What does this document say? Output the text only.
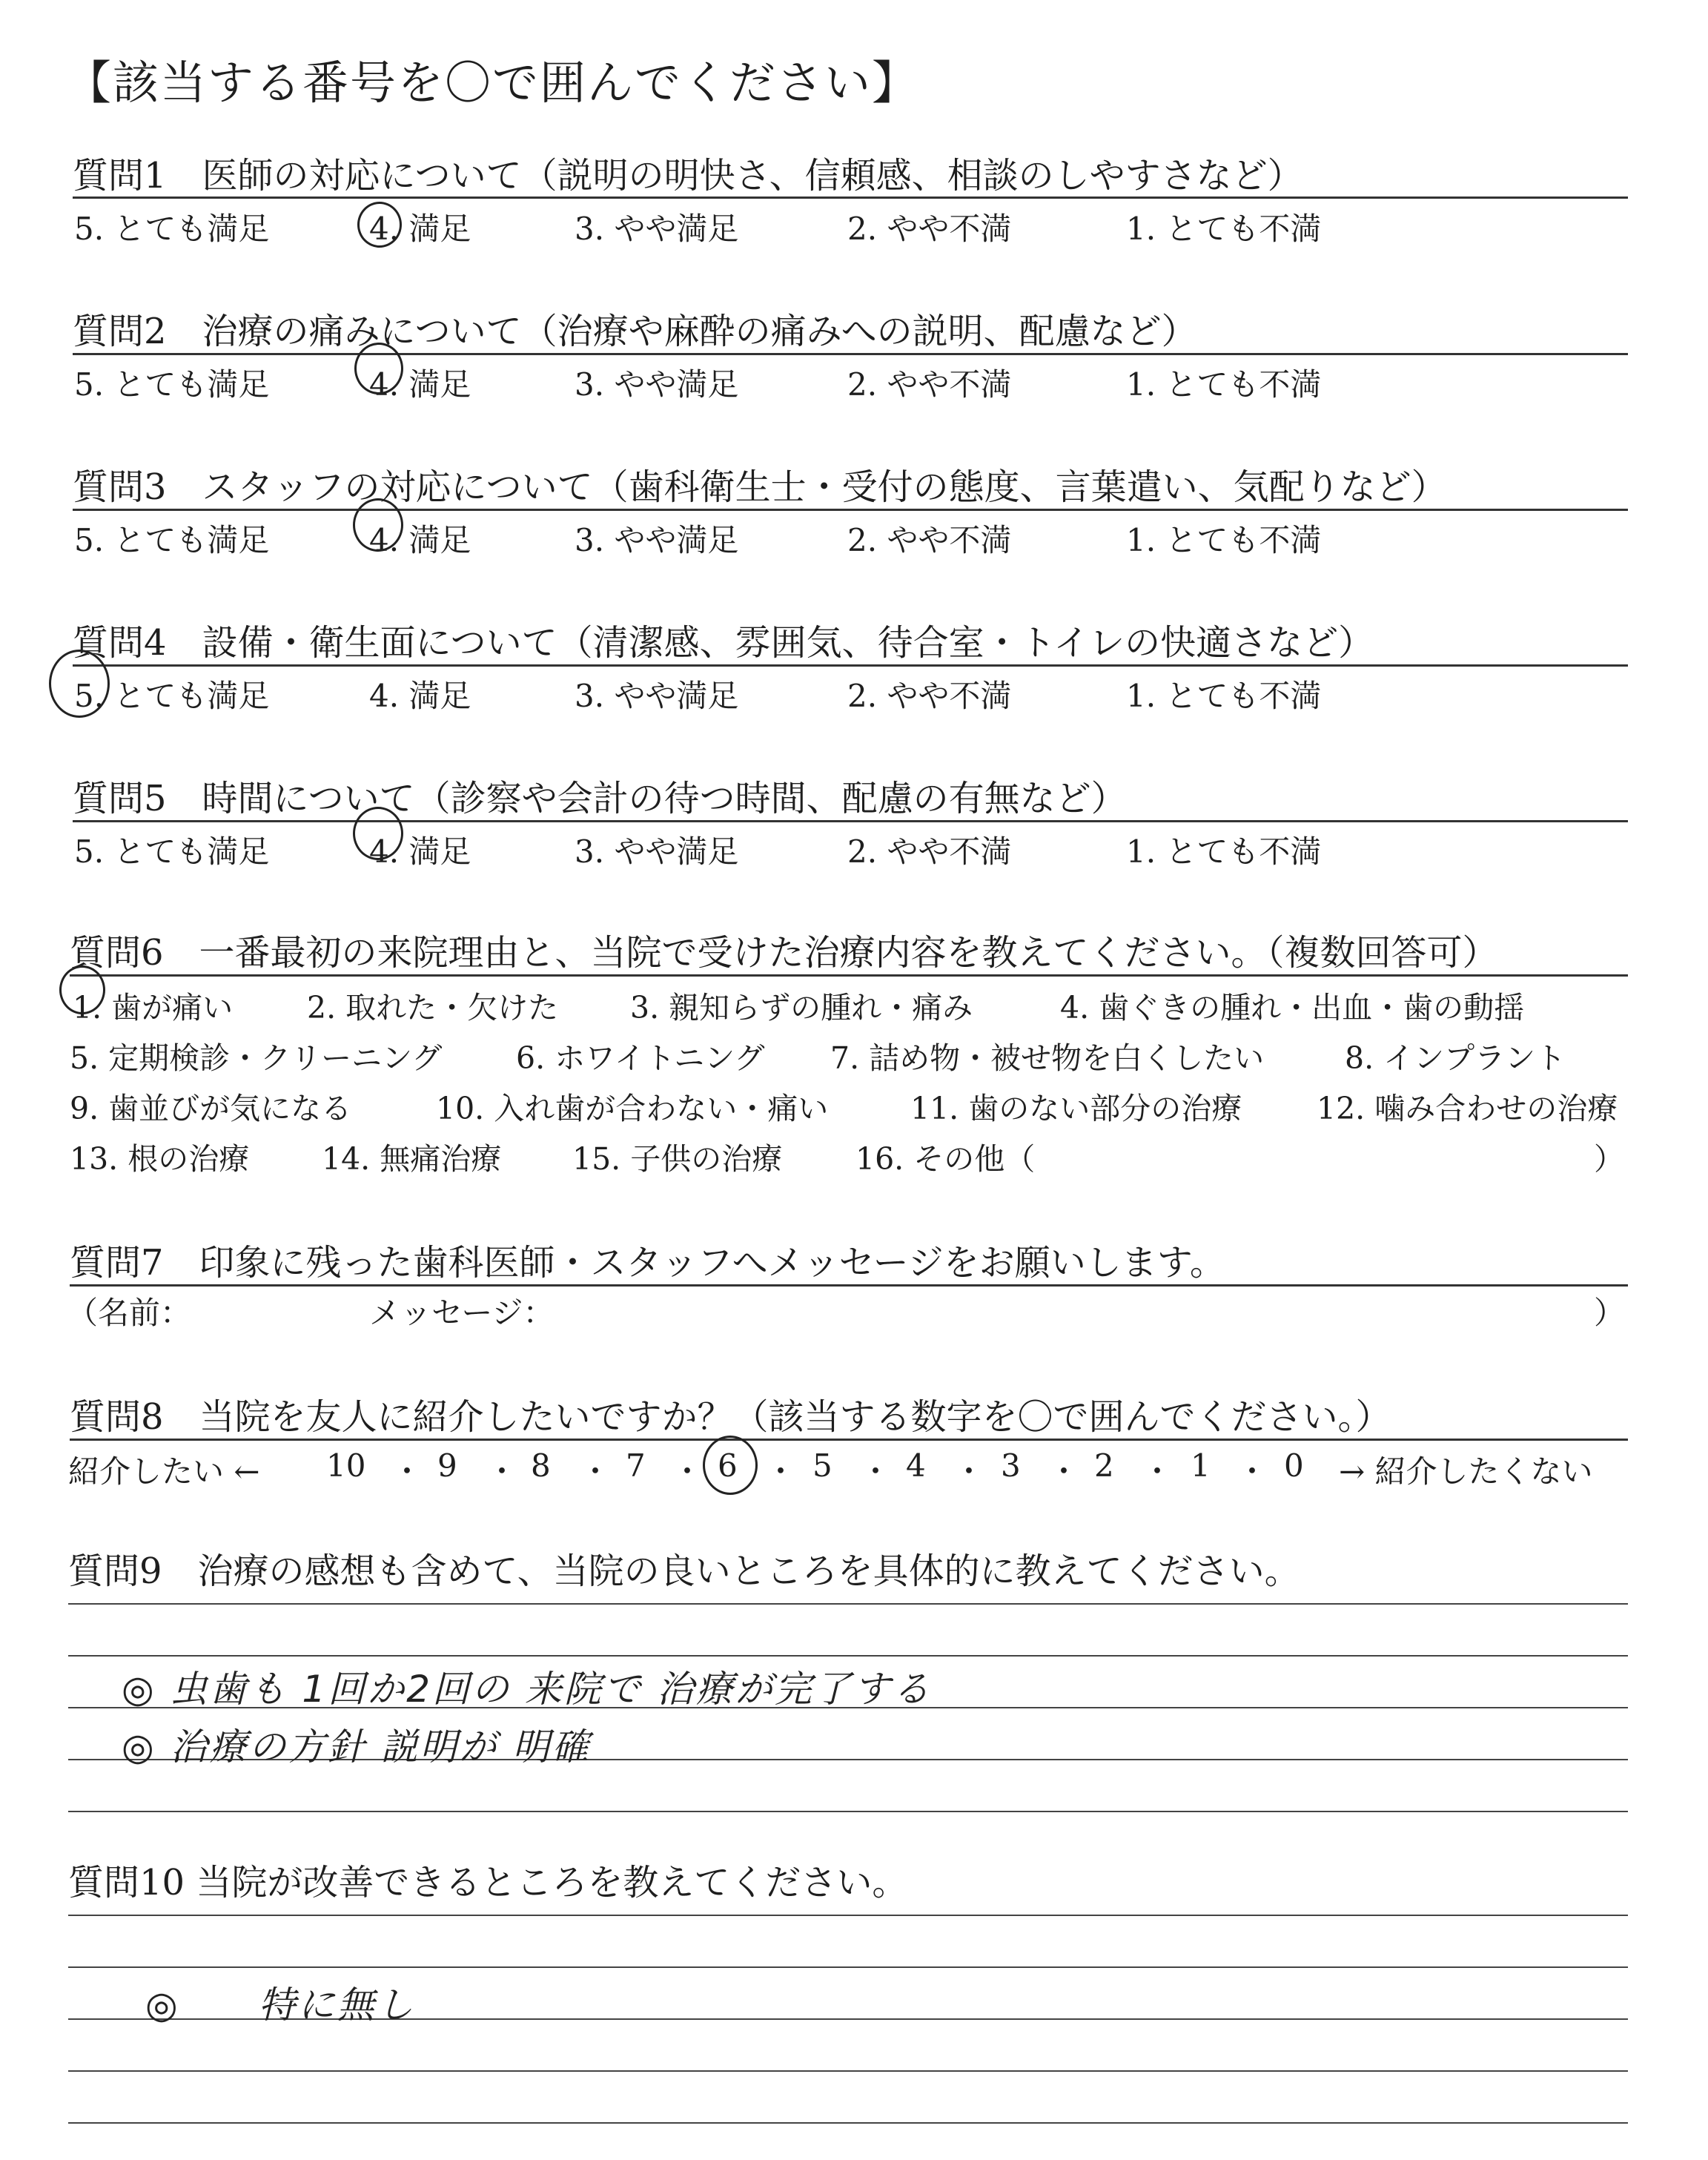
【該当する番号を〇で囲んでください】
質問1　医師の対応について（説明の明快さ、信頼感、相談のしやすさなど）
5. とても満足	4. 満足	3. やや満足	2. やや不満	1. とても不満
質問2　治療の痛みについて（治療や麻酔の痛みへの説明、配慮など）
5. とても満足	4. 満足	3. やや満足	2. やや不満	1. とても不満
質問3　スタッフの対応について（歯科衛生士・受付の態度、言葉遣い、気配りなど）
5. とても満足	4. 満足	3. やや満足	2. やや不満	1. とても不満
質問4　設備・衛生面について（清潔感、雰囲気、待合室・トイレの快適さなど）
5. とても満足	4. 満足	3. やや満足	2. やや不満	1. とても不満
質問5　時間について（診察や会計の待つ時間、配慮の有無など）
5. とても満足	4. 満足	3. やや満足	2. やや不満	1. とても不満
質問6　一番最初の来院理由と、当院で受けた治療内容を教えてください。（複数回答可）
1. 歯が痛い 2. 取れた・欠けた 3. 親知らずの腫れ・痛み	4. 歯ぐきの腫れ・出血・歯の動揺
5. 定期検診・クリーニング 6. ホワイトニング 7. 詰め物・被せ物を白くしたい	8. インプラント
9. 歯並びが気になる	10. 入れ歯が合わない・痛い	11. 歯のない部分の治療 12. 噛み合わせの治療
13. 根の治療 14. 無痛治療 15. 子供の治療 16. その他（	）
質問7　印象に残った歯科医師・スタッフへメッセージをお願いします。
（名前：	メッセージ：	）
質問8　当院を友人に紹介したいですか？（該当する数字を〇で囲んでください。）
紹介したい ← 10 ・ 9 ・ 8 ・ 7 ・ 6 ・ 5 ・ 4 ・ 3 ・ 2 ・ 1 ・ 0 → 紹介したくない
質問9　治療の感想も含めて、当院の良いところを具体的に教えてください。
◎ 虫歯も 1回か2回の 来院で 治療が完了する
◎ 治療の方針 説明が 明確
質問10 当院が改善できるところを教えてください。
◎　　特に無し
